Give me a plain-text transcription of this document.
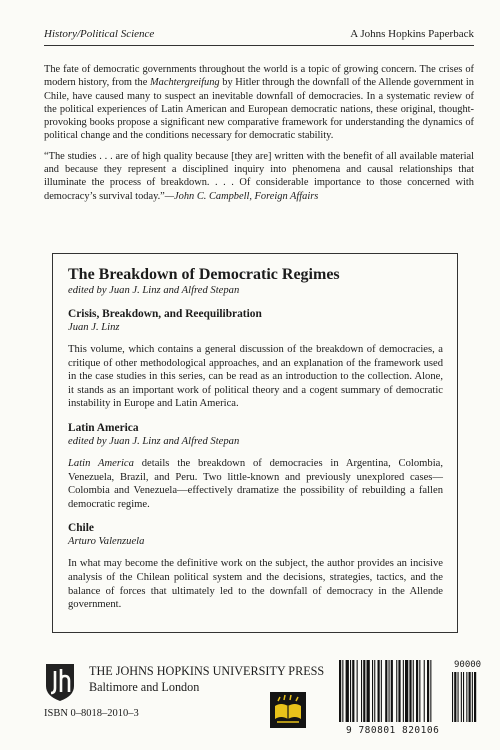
History/Political Science	A Johns Hopkins Paperback

The fate of democratic governments throughout the world is a topic of growing concern. The crises of modern history, from the Machtergreifung by Hitler through the downfall of the Allende government in Chile, have caused many to suspect an inevitable downfall of democracies. In a systematic review of the political experiences of Latin American and European democratic nations, these original, thought-provoking books propose a significant new comparative framework for understanding the dynamics of political change and the conditions necessary for democratic stability.

“The studies . . . are of high quality because [they are] written with the benefit of all available material and because they represent a disciplined inquiry into phenomena and causal relationships that illuminate the process of breakdown. . . . Of considerable importance to those concerned with democracy’s survival today.”—John C. Campbell, Foreign Affairs

The Breakdown of Democratic Regimes

edited by Juan J. Linz and Alfred Stepan

Crisis, Breakdown, and Reequilibration

Juan J. Linz

This volume, which contains a general discussion of the breakdown of democracies, a critique of other methodological approaches, and an explanation of the framework used in the case studies in this series, can be read as an introduction to the collection. Alone, it stands as an important work of political theory and a cogent summary of democratic instability in Europe and Latin America.

Latin America

edited by Juan J. Linz and Alfred Stepan

Latin America details the breakdown of democracies in Argentina, Colombia, Venezuela, Brazil, and Peru. Two little-known and previously unexplored cases—Colombia and Venezuela—effectively dramatize the possibility of rebuilding a fallen democratic regime.

Chile

Arturo Valenzuela

In what may become the definitive work on the subject, the author provides an incisive analysis of the Chilean political system and the decisions, strategies, tactics, and the balance of forces that ultimately led to the downfall of democracy in the Allende government.

THE JOHNS HOPKINS UNIVERSITY PRESS
Baltimore and London
ISBN 0–8018–2010–3
90000
9 780801 820106
